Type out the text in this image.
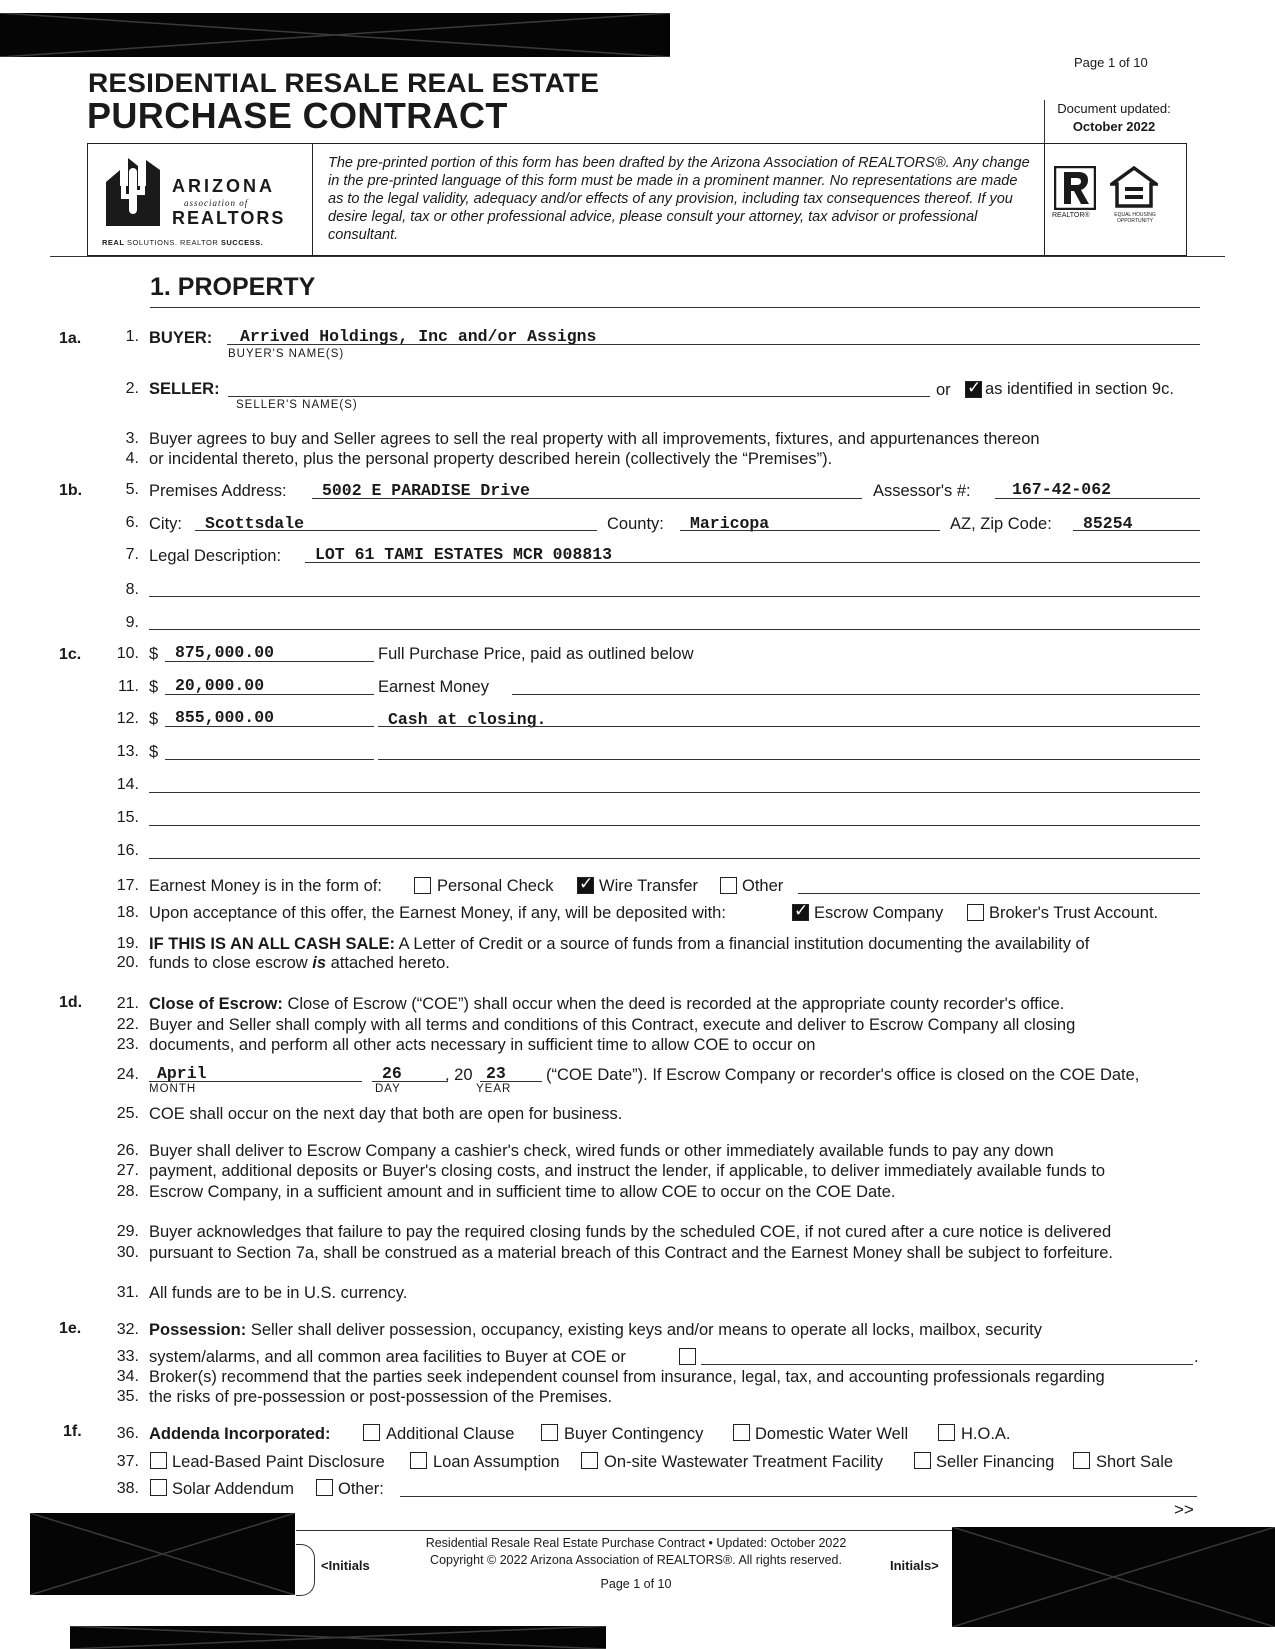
Page 1 of 10
RESIDENTIAL RESALE REAL ESTATE
PURCHASE CONTRACT	Document updated:
October 2022
ARIZONA
association of
REALTORS
REAL SOLUTIONS. REALTOR SUCCESS.
The pre-printed portion of this form has been drafted by the Arizona Association of REALTORS®. Any change in the pre-printed language of this form must be made in a prominent manner. No representations are made as to the legal validity, adequacy and/or effects of any provision, including tax consequences thereof. If you desire legal, tax or other professional advice, please consult your attorney, tax advisor or professional consultant.
REALTOR®	EQUAL HOUSING OPPORTUNITY
1. PROPERTY
1a.
1b.
1c.
1d.
1e.
1f.
1.
2.
3.
4.
5.
6.
7.
8.
9.
10.
11.
12.
13.
14.
15.
16.
17.
18.
19.
20.
21.
22.
23.
24.
25.
26.
27.
28.
29.
30.
31.
32.
33.
34.
35.
36.
37.
38.
BUYER: Arrived Holdings, Inc and/or Assigns
BUYER'S NAME(S)
SELLER:
SELLER'S NAME(S)
or ✓ as identified in section 9c.
Buyer agrees to buy and Seller agrees to sell the real property with all improvements, fixtures, and appurtenances thereon
or incidental thereto, plus the personal property described herein (collectively the “Premises”).
Premises Address: 5002 E PARADISE Drive	Assessor's #:	167-42-062
City: Scottsdale	County: Maricopa	AZ, Zip Code: 85254
Legal Description: LOT 61 TAMI ESTATES MCR 008813
$ 875,000.00	Full Purchase Price, paid as outlined below
$ 20,000.00	Earnest Money
$ 855,000.00	Cash at closing.
$
Earnest Money is in the form of:	Personal Check ✓	Wire Transfer	Other
Upon acceptance of this offer, the Earnest Money, if any, will be deposited with: ✓	Escrow Company	Broker's Trust Account.
IF THIS IS AN ALL CASH SALE: A Letter of Credit or a source of funds from a financial institution documenting the availability of
funds to close escrow is attached hereto.
Close of Escrow: Close of Escrow (“COE”) shall occur when the deed is recorded at the appropriate county recorder's office.
Buyer and Seller shall comply with all terms and conditions of this Contract, execute and deliver to Escrow Company all closing
documents, and perform all other acts necessary in sufficient time to allow COE to occur on
April
MONTH
26
DAY
, 20 23
YEAR
(“COE Date”). If Escrow Company or recorder's office is closed on the COE Date,
COE shall occur on the next day that both are open for business.
Buyer shall deliver to Escrow Company a cashier's check, wired funds or other immediately available funds to pay any down
payment, additional deposits or Buyer's closing costs, and instruct the lender, if applicable, to deliver immediately available funds to
Escrow Company, in a sufficient amount and in sufficient time to allow COE to occur on the COE Date.
Buyer acknowledges that failure to pay the required closing funds by the scheduled COE, if not cured after a cure notice is delivered
pursuant to Section 7a, shall be construed as a material breach of this Contract and the Earnest Money shall be subject to forfeiture.
All funds are to be in U.S. currency.
Possession: Seller shall deliver possession, occupancy, existing keys and/or means to operate all locks, mailbox, security
system/alarms, and all common area facilities to Buyer at COE or	.
Broker(s) recommend that the parties seek independent counsel from insurance, legal, tax, and accounting professionals regarding
the risks of pre-possession or post-possession of the Premises.
Addenda Incorporated:	Additional Clause	Buyer Contingency	Domestic Water Well	H.O.A.
Lead-Based Paint Disclosure	Loan Assumption	On-site Wastewater Treatment Facility	Seller Financing	Short Sale
Solar Addendum	Other:
>>
<Initials
Residential Resale Real Estate Purchase Contract • Updated: October 2022
Copyright © 2022 Arizona Association of REALTORS®. All rights reserved.	Initials>
Page 1 of 10
